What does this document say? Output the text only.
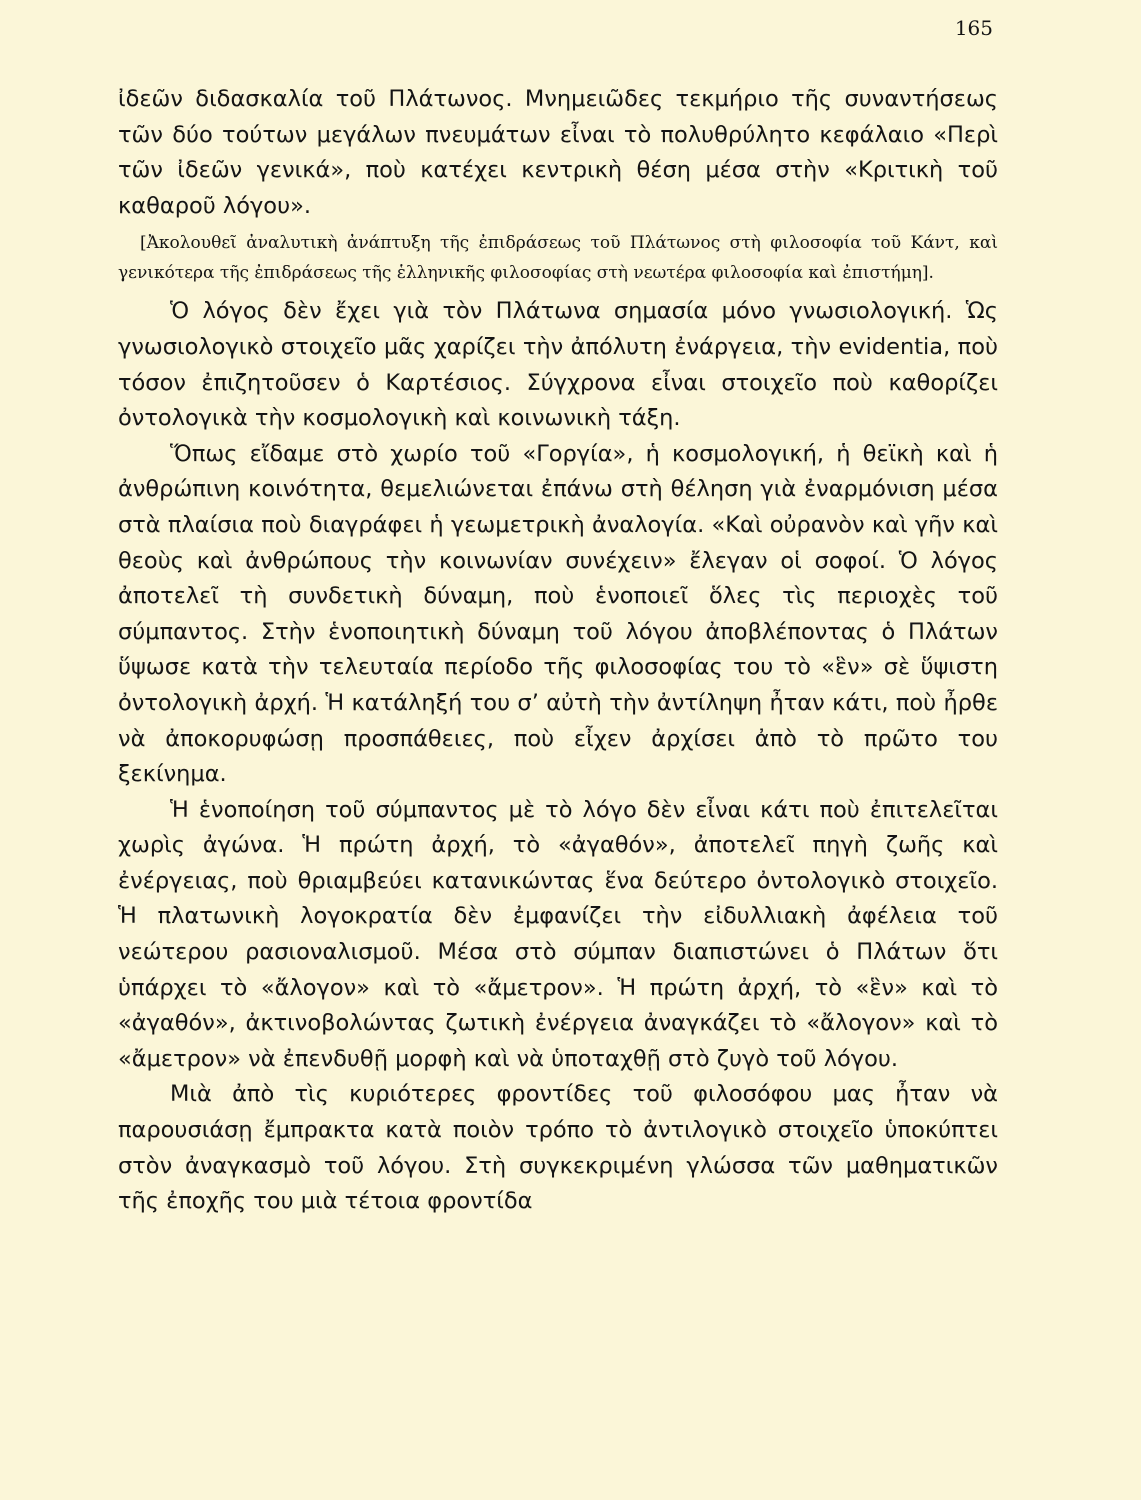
165

ἰδεῶν διδασκαλία τοῦ Πλάτωνος. Μνημειῶδες τεκμήριο τῆς συναντήσεως τῶν δύο τούτων μεγάλων πνευμάτων εἶναι τὸ πολυθρύλητο κεφάλαιο «Περὶ τῶν ἰδεῶν γενικά», ποὺ κατέχει κεντρικὴ θέση μέσα στὴν «Κριτικὴ τοῦ καθαροῦ λόγου».

[Ἀκολουθεῖ ἀναλυτικὴ ἀνάπτυξη τῆς ἐπιδράσεως τοῦ Πλάτωνος στὴ φιλοσοφία τοῦ Κάντ, καὶ γενικότερα τῆς ἐπιδράσεως τῆς ἑλληνικῆς φιλοσοφίας στὴ νεωτέρα φιλοσοφία καὶ ἐπιστήμη].

Ὁ λόγος δὲν ἔχει γιὰ τὸν Πλάτωνα σημασία μόνο γνωσιολογική. Ὡς γνωσιολογικὸ στοιχεῖο μᾶς χαρίζει τὴν ἀπόλυτη ἐνάργεια, τὴν evidentia, ποὺ τόσον ἐπιζητοῦσεν ὁ Καρτέσιος. Σύγχρονα εἶναι στοιχεῖο ποὺ καθορίζει ὀντολογικὰ τὴν κοσμολογικὴ καὶ κοινωνικὴ τάξη.

Ὅπως εἴδαμε στὸ χωρίο τοῦ «Γοργία», ἡ κοσμολογική, ἡ θεϊκὴ καὶ ἡ ἀνθρώπινη κοινότητα, θεμελιώνεται ἐπάνω στὴ θέληση γιὰ ἐναρμόνιση μέσα στὰ πλαίσια ποὺ διαγράφει ἡ γεωμετρικὴ ἀναλογία. «Καὶ οὐρανὸν καὶ γῆν καὶ θεοὺς καὶ ἀνθρώπους τὴν κοινωνίαν συνέχειν» ἔλεγαν οἱ σοφοί. Ὁ λόγος ἀποτελεῖ τὴ συνδετικὴ δύναμη, ποὺ ἑνοποιεῖ ὅλες τὶς περιοχὲς τοῦ σύμπαντος. Στὴν ἑνοποιητικὴ δύναμη τοῦ λόγου ἀποβλέποντας ὁ Πλάτων ὕψωσε κατὰ τὴν τελευταία περίοδο τῆς φιλοσοφίας του τὸ «ἓν» σὲ ὕψιστη ὀντολογικὴ ἀρχή. Ἡ κατάληξή του σ’ αὐτὴ τὴν ἀντίληψη ἦταν κάτι, ποὺ ἦρθε νὰ ἀποκορυφώσῃ προσπάθειες, ποὺ εἶχεν ἀρχίσει ἀπὸ τὸ πρῶτο του ξεκίνημα.

Ἡ ἑνοποίηση τοῦ σύμπαντος μὲ τὸ λόγο δὲν εἶναι κάτι ποὺ ἐπιτελεῖται χωρὶς ἀγώνα. Ἡ πρώτη ἀρχή, τὸ «ἀγαθόν», ἀποτελεῖ πηγὴ ζωῆς καὶ ἐνέργειας, ποὺ θριαμβεύει κατανικώντας ἕνα δεύτερο ὀντολογικὸ στοιχεῖο. Ἡ πλατωνικὴ λογοκρατία δὲν ἐμφανίζει τὴν εἰδυλλιακὴ ἀφέλεια τοῦ νεώτερου ρασιοναλισμοῦ. Μέσα στὸ σύμπαν διαπιστώνει ὁ Πλάτων ὅτι ὑπάρχει τὸ «ἄλογον» καὶ τὸ «ἄμετρον». Ἡ πρώτη ἀρχή, τὸ «ἓν» καὶ τὸ «ἀγαθόν», ἀκτινοβολώντας ζωτικὴ ἐνέργεια ἀναγκάζει τὸ «ἄλογον» καὶ τὸ «ἄμετρον» νὰ ἐπενδυθῇ μορφὴ καὶ νὰ ὑποταχθῇ στὸ ζυγὸ τοῦ λόγου.

Μιὰ ἀπὸ τὶς κυριότερες φροντίδες τοῦ φιλοσόφου μας ἦταν νὰ παρουσιάσῃ ἔμπρακτα κατὰ ποιὸν τρόπο τὸ ἀντιλογικὸ στοιχεῖο ὑποκύπτει στὸν ἀναγκασμὸ τοῦ λόγου. Στὴ συγκεκριμένη γλώσσα τῶν μαθηματικῶν τῆς ἐποχῆς του μιὰ τέτοια φροντίδα
